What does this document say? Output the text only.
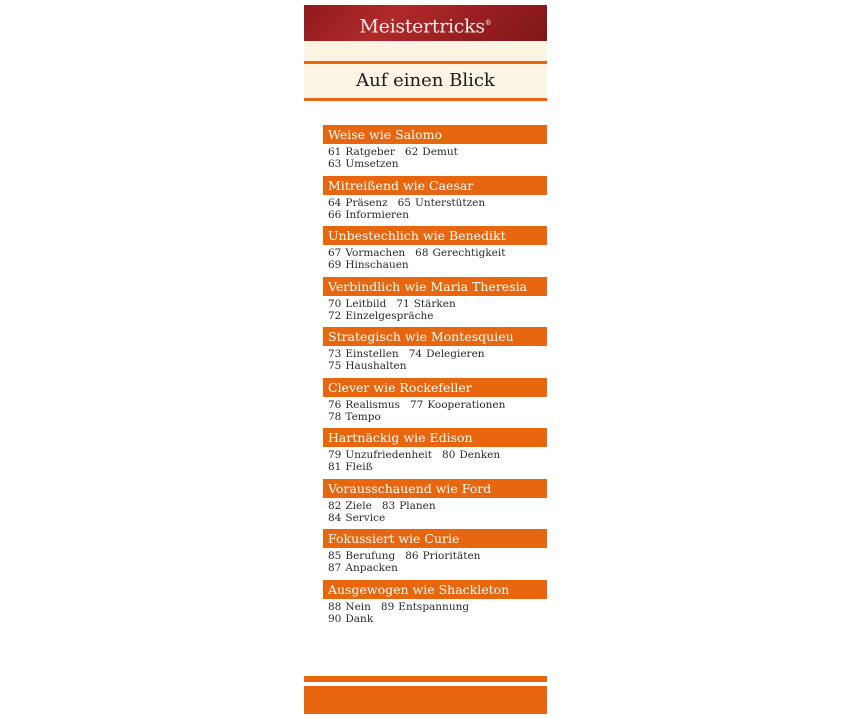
Meistertricks®
Auf einen Blick
Weise wie Salomo
61 Ratgeber 62 Demut
63 Umsetzen
Mitreißend wie Caesar
64 Präsenz 65 Unterstützen
66 Informieren
Unbestechlich wie Benedikt
67 Vormachen 68 Gerechtigkeit
69 Hinschauen
Verbindlich wie Maria Theresia
70 Leitbild 71 Stärken
72 Einzelgespräche
Strategisch wie Montesquieu
73 Einstellen 74 Delegieren
75 Haushalten
Clever wie Rockefeller
76 Realismus 77 Kooperationen
78 Tempo
Hartnäckig wie Edison
79 Unzufriedenheit 80 Denken
81 Fleiß
Vorausschauend wie Ford
82 Ziele 83 Planen
84 Service
Fokussiert wie Curie
85 Berufung 86 Prioritäten
87 Anpacken
Ausgewogen wie Shackleton
88 Nein 89 Entspannung
90 Dank
